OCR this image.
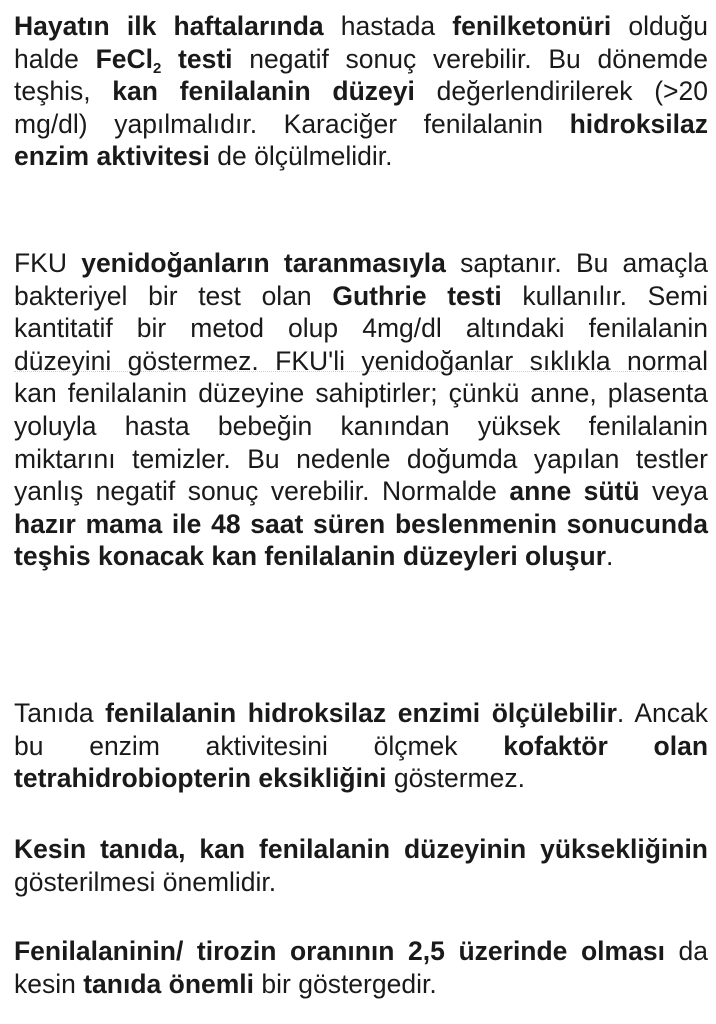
Hayatın ilk haftalarında hastada fenilketonüri olduğu halde FeCl$_2$ testi negatif sonuç verebilir. Bu dönemde teşhis, kan fenilalanin düzeyi değerlendirilerek (>20 mg/dl) yapılmalıdır. Karaciğer fenilalanin hidroksilaz enzim aktivitesi de ölçülmelidir.

FKU yenidoğanların taranmasıyla saptanır. Bu amaçla bakteriyel bir test olan Guthrie testi kullanılır. Semi kantitatif bir metod olup 4mg/dl altındaki fenilalanin düzeyini göstermez. FKU'li yenidoğanlar sıklıkla normal kan fenilalanin düzeyine sahiptirler; çünkü anne, plasenta yoluyla hasta bebeğin kanından yüksek fenilalanin miktarını temizler. Bu nedenle doğumda yapılan testler yanlış negatif sonuç verebilir. Normalde anne sütü veya hazır mama ile 48 saat süren beslenmenin sonucunda teşhis konacak kan fenilalanin düzeyleri oluşur.

Tanıda fenilalanin hidroksilaz enzimi ölçülebilir. Ancak bu enzim aktivitesini ölçmek kofaktör olan tetrahidrobiopterin eksikliğini göstermez.

Kesin tanıda, kan fenilalanin düzeyinin yüksekliğinin gösterilmesi önemlidir.

Fenilalaninin/ tirozin oranının 2,5 üzerinde olması da kesin tanıda önemli bir göstergedir.
